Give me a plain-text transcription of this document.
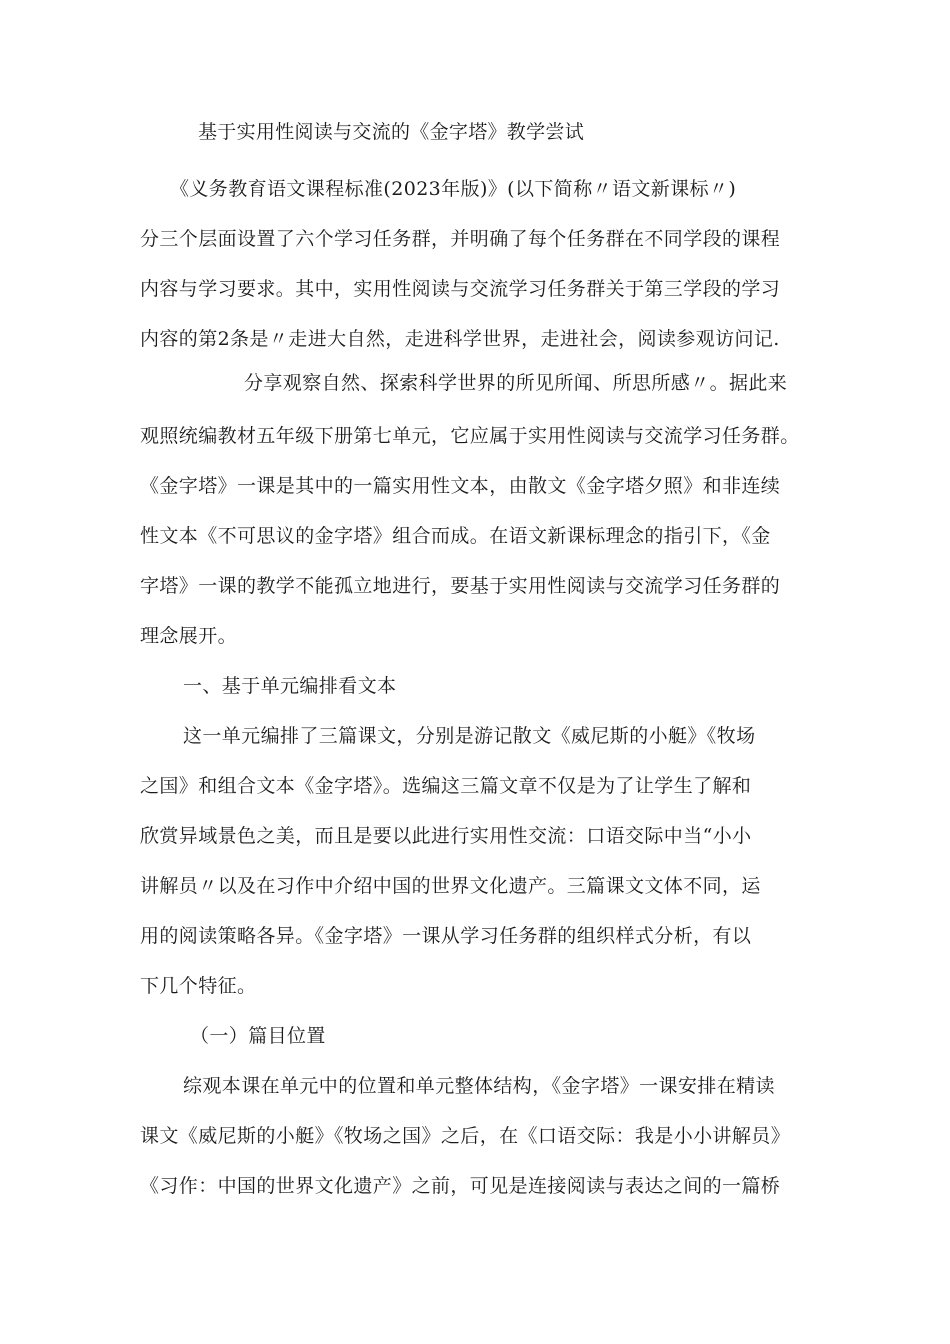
基于实用性阅读与交流的《金字塔》教学尝试
《义务教育语文课程标准(2023年版)》(以下简称〃语文新课标〃)
分三个层面设置了六个学习任务群，并明确了每个任务群在不同学段的课程
内容与学习要求。其中，实用性阅读与交流学习任务群关于第三学段的学习
内容的第2条是〃走进大自然，走进科学世界，走进社会，阅读参观访问记.
分享观察自然、探索科学世界的所见所闻、所思所感〃。据此来
观照统编教材五年级下册第七单元，它应属于实用性阅读与交流学习任务群。
《金字塔》一课是其中的一篇实用性文本，由散文《金字塔夕照》和非连续
性文本《不可思议的金字塔》组合而成。在语文新课标理念的指引下，《金
字塔》一课的教学不能孤立地进行，要基于实用性阅读与交流学习任务群的
理念展开。
一、基于单元编排看文本
这一单元编排了三篇课文，分别是游记散文《威尼斯的小艇》《牧场
之国》和组合文本《金字塔》。选编这三篇文章不仅是为了让学生了解和
欣赏异域景色之美，而且是要以此进行实用性交流：口语交际中当“小小
讲解员〃以及在习作中介绍中国的世界文化遗产。三篇课文文体不同，运
用的阅读策略各异。《金字塔》一课从学习任务群的组织样式分析，有以
下几个特征。
（一）篇目位置
综观本课在单元中的位置和单元整体结构，《金字塔》一课安排在精读
课文《威尼斯的小艇》《牧场之国》之后，在《口语交际：我是小小讲解员》
《习作：中国的世界文化遗产》之前，可见是连接阅读与表达之间的一篇桥
